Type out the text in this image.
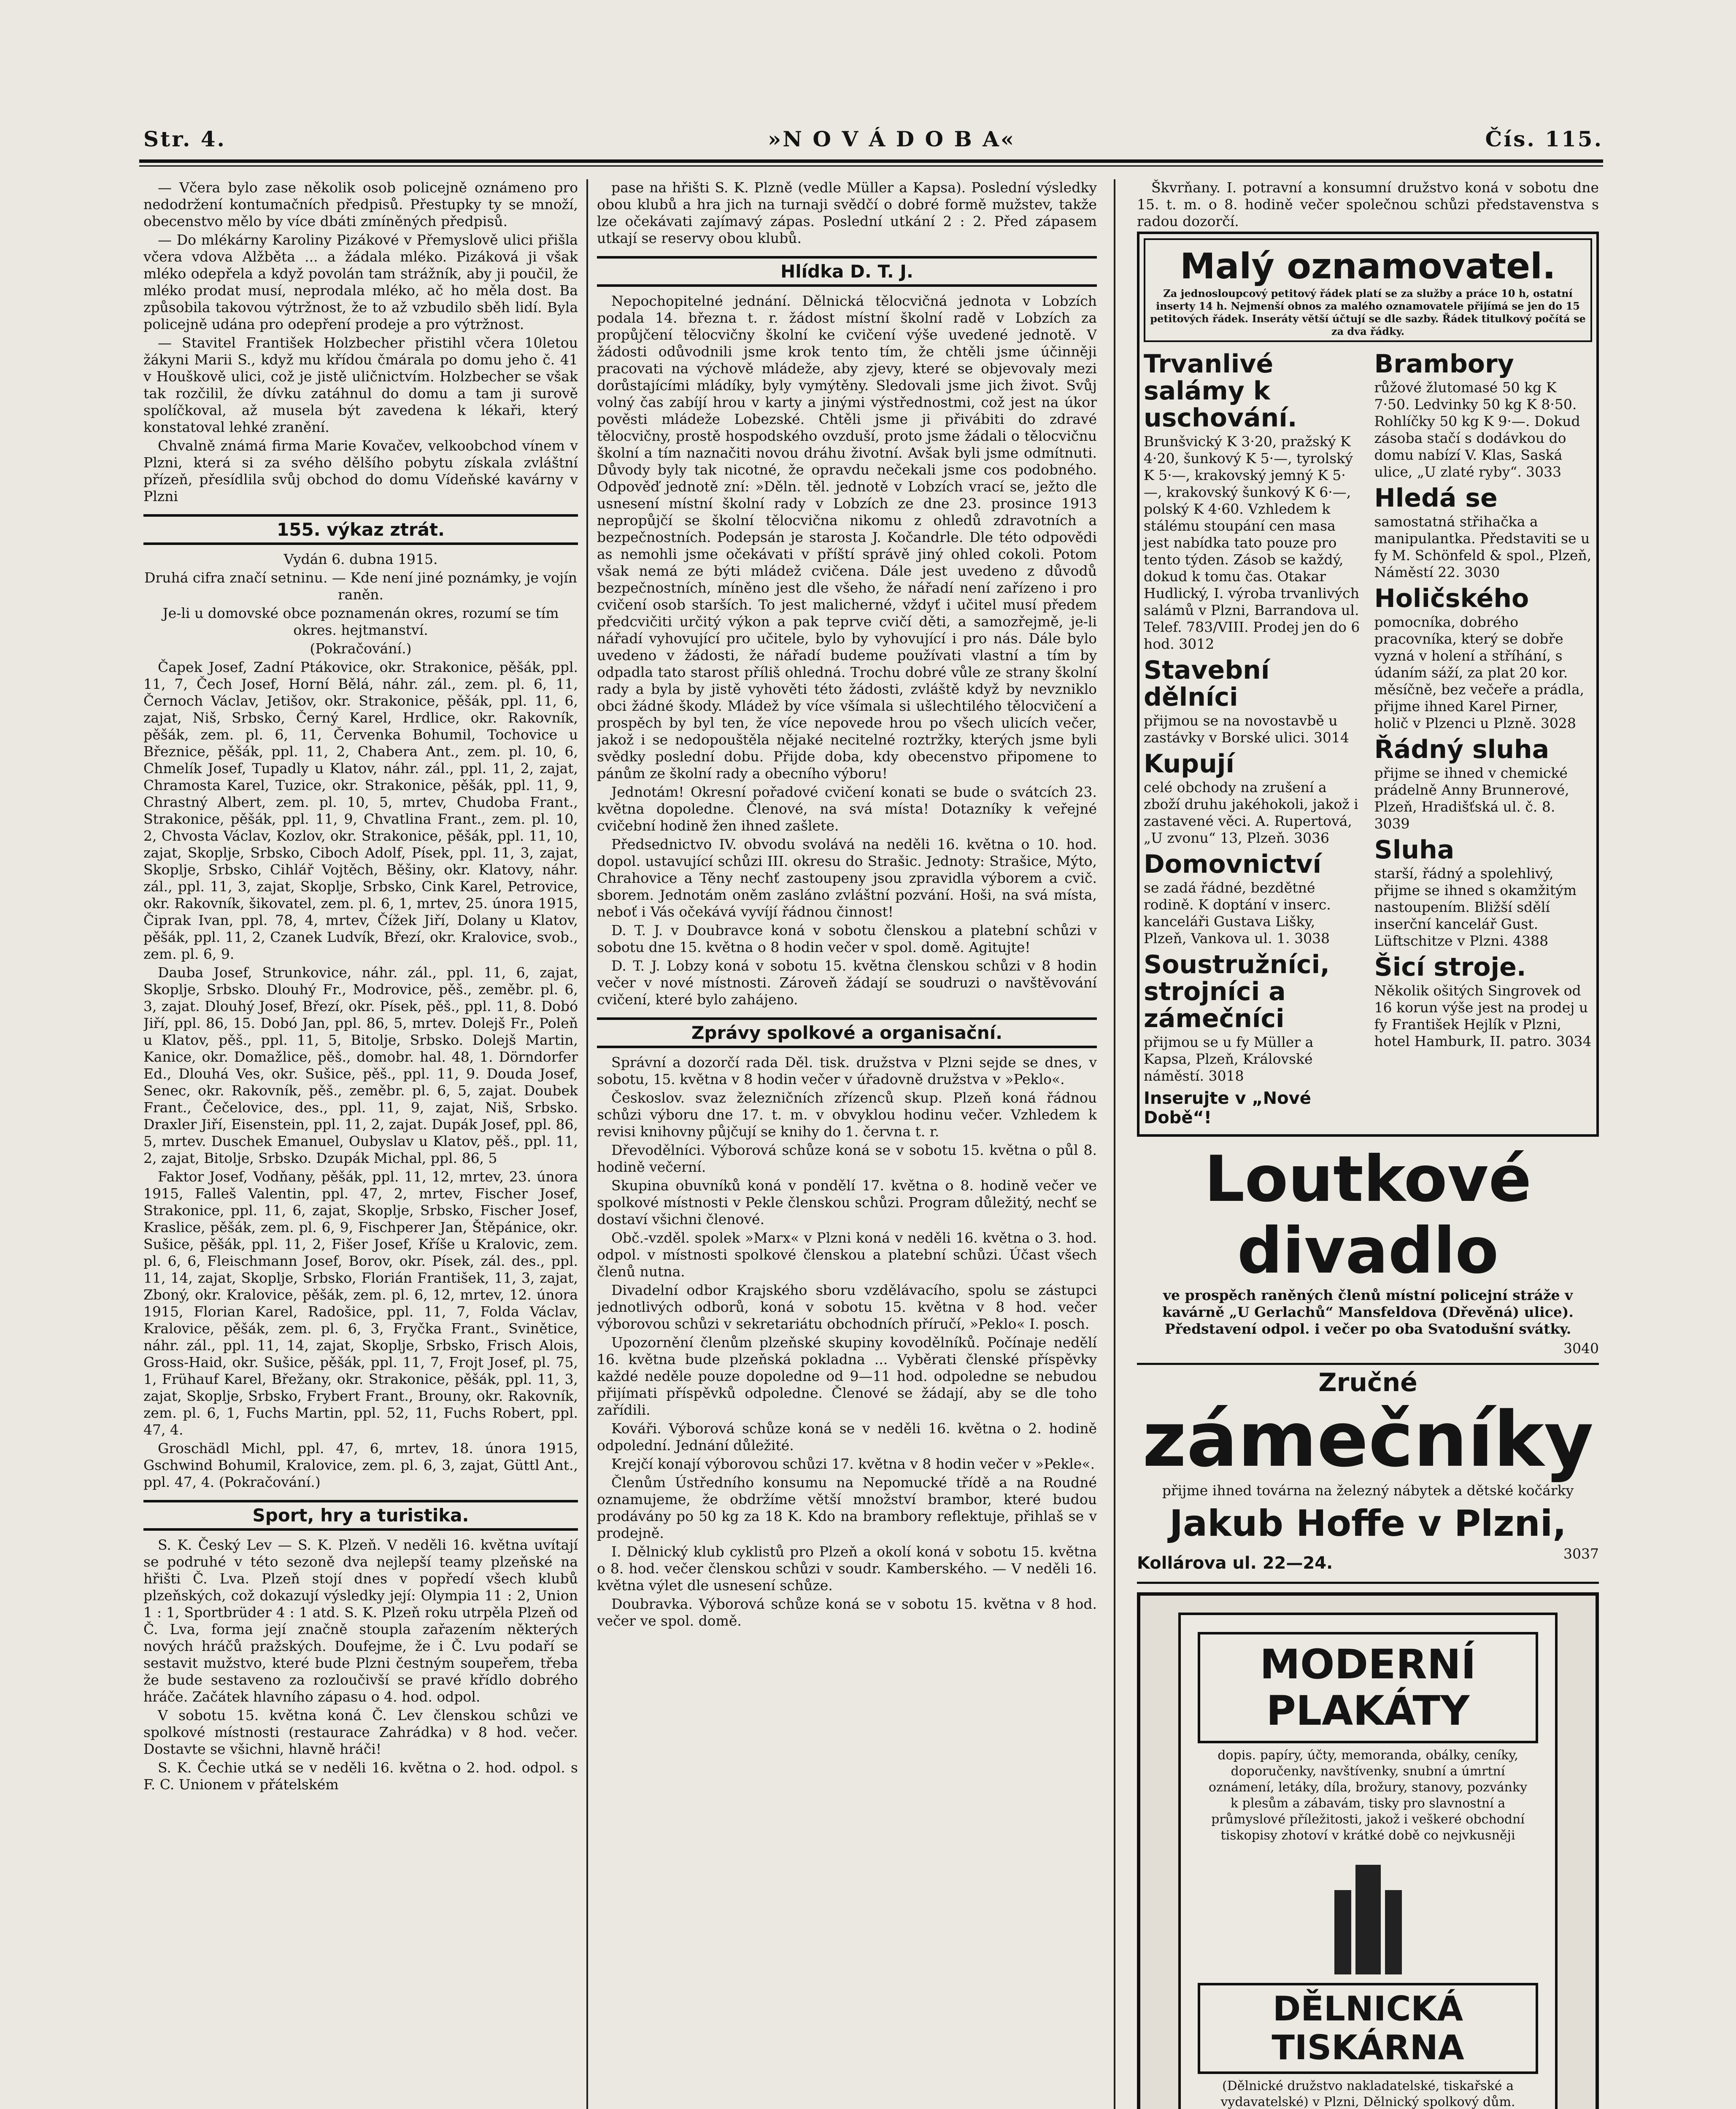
Str. 4.	»N O V Á D O B A«	Čís. 115.

— Včera bylo zase několik osob policejně oznámeno pro nedodržení kontumačních předpisů. Přestupky ty se množí, obecenstvo mělo by více dbáti zmíněných předpisů.

— Do mlékárny Karoliny Pizákové v Přemyslově ulici přišla včera vdova Alžběta ... a žádala mléko. Pizáková ji však mléko odepřela a když povolán tam strážník, aby ji poučil, že mléko prodat musí, neprodala mléko, ač ho měla dost. Ba způsobila takovou výtržnost, že to až vzbudilo sběh lidí. Byla policejně udána pro odepření prodeje a pro výtržnost.

— Stavitel František Holzbecher přistihl včera 10letou žákyni Marii S., když mu křídou čmárala po domu jeho č. 41 v Houškově ulici, což je jistě uličnictvím. Holzbecher se však tak rozčilil, že dívku zatáhnul do domu a tam ji surově spolíčkoval, až musela být zavedena k lékaři, který konstatoval lehké zranění.

Chvalně známá firma Marie Kovačev, velkoobchod vínem v Plzni, která si za svého dělšího pobytu získala zvláštní přízeň, přesídlila svůj obchod do domu Vídeňské kavárny v Plzni

155. výkaz ztrát.

Vydán 6. dubna 1915.

Druhá cifra značí setninu. — Kde není jiné poznámky, je vojín raněn.

Je-li u domovské obce poznamenán okres, rozumí se tím okres. hejtmanství.

(Pokračování.)

Čapek Josef, Zadní Ptákovice, okr. Strakonice, pěšák, ppl. 11, 7, Čech Josef, Horní Bělá, náhr. zál., zem. pl. 6, 11, Černoch Václav, Jetišov, okr. Strakonice, pěšák, ppl. 11, 6, zajat, Niš, Srbsko, Černý Karel, Hrdlice, okr. Rakovník, pěšák, zem. pl. 6, 11, Červenka Bohumil, Tochovice u Březnice, pěšák, ppl. 11, 2, Chabera Ant., zem. pl. 10, 6, Chmelík Josef, Tupadly u Klatov, náhr. zál., ppl. 11, 2, zajat, Chramosta Karel, Tuzice, okr. Strakonice, pěšák, ppl. 11, 9, Chrastný Albert, zem. pl. 10, 5, mrtev, Chudoba Frant., Strakonice, pěšák, ppl. 11, 9, Chvatlina Frant., zem. pl. 10, 2, Chvosta Václav, Kozlov, okr. Strakonice, pěšák, ppl. 11, 10, zajat, Skoplje, Srbsko, Ciboch Adolf, Písek, ppl. 11, 3, zajat, Skoplje, Srbsko, Cihlář Vojtěch, Běšiny, okr. Klatovy, náhr. zál., ppl. 11, 3, zajat, Skoplje, Srbsko, Cink Karel, Petrovice, okr. Rakovník, šikovatel, zem. pl. 6, 1, mrtev, 25. února 1915, Čiprak Ivan, ppl. 78, 4, mrtev, Čížek Jiří, Dolany u Klatov, pěšák, ppl. 11, 2, Czanek Ludvík, Březí, okr. Kralovice, svob., zem. pl. 6, 9.

Dauba Josef, Strunkovice, náhr. zál., ppl. 11, 6, zajat, Skoplje, Srbsko. Dlouhý Fr., Modrovice, pěš., zeměbr. pl. 6, 3, zajat. Dlouhý Josef, Březí, okr. Písek, pěš., ppl. 11, 8. Dobó Jiří, ppl. 86, 15. Dobó Jan, ppl. 86, 5, mrtev. Dolejš Fr., Poleň u Klatov, pěš., ppl. 11, 5, Bitolje, Srbsko. Dolejš Martin, Kanice, okr. Domažlice, pěš., domobr. hal. 48, 1. Dörndorfer Ed., Dlouhá Ves, okr. Sušice, pěš., ppl. 11, 9. Douda Josef, Senec, okr. Rakovník, pěš., zeměbr. pl. 6, 5, zajat. Doubek Frant., Čečelovice, des., ppl. 11, 9, zajat, Niš, Srbsko. Draxler Jiří, Eisenstein, ppl. 11, 2, zajat. Dupák Josef, ppl. 86, 5, mrtev. Duschek Emanuel, Oubyslav u Klatov, pěš., ppl. 11, 2, zajat, Bitolje, Srbsko. Dzupák Michal, ppl. 86, 5

Faktor Josef, Vodňany, pěšák, ppl. 11, 12, mrtev, 23. února 1915, Falleš Valentin, ppl. 47, 2, mrtev, Fischer Josef, Strakonice, ppl. 11, 6, zajat, Skoplje, Srbsko, Fischer Josef, Kraslice, pěšák, zem. pl. 6, 9, Fischperer Jan, Štěpánice, okr. Sušice, pěšák, ppl. 11, 2, Fišer Josef, Kříše u Kralovic, zem. pl. 6, 6, Fleischmann Josef, Borov, okr. Písek, zál. des., ppl. 11, 14, zajat, Skoplje, Srbsko, Florián František, 11, 3, zajat, Zboný, okr. Kralovice, pěšák, zem. pl. 6, 12, mrtev, 12. února 1915, Florian Karel, Radošice, ppl. 11, 7, Folda Václav, Kralovice, pěšák, zem. pl. 6, 3, Fryčka Frant., Svinětice, náhr. zál., ppl. 11, 14, zajat, Skoplje, Srbsko, Frisch Alois, Gross-Haid, okr. Sušice, pěšák, ppl. 11, 7, Frojt Josef, pl. 75, 1, Frühauf Karel, Břežany, okr. Strakonice, pěšák, ppl. 11, 3, zajat, Skoplje, Srbsko, Frybert Frant., Brouny, okr. Rakovník, zem. pl. 6, 1, Fuchs Martin, ppl. 52, 11, Fuchs Robert, ppl. 47, 4.

Groschädl Michl, ppl. 47, 6, mrtev, 18. února 1915, Gschwind Bohumil, Kralovice, zem. pl. 6, 3, zajat, Güttl Ant., ppl. 47, 4. (Pokračování.)

Sport, hry a turistika.

S. K. Český Lev — S. K. Plzeň. V neděli 16. května uvítají se podruhé v této sezoně dva nejlepší teamy plzeňské na hřišti Č. Lva. Plzeň stojí dnes v popředí všech klubů plzeňských, což dokazují výsledky její: Olympia 11 : 2, Union 1 : 1, Sportbrüder 4 : 1 atd. S. K. Plzeň roku utrpěla Plzeň od Č. Lva, forma její značně stoupla zařazením některých nových hráčů pražských. Doufejme, že i Č. Lvu podaří se sestavit mužstvo, které bude Plzni čestným soupeřem, třeba že bude sestaveno za rozloučivší se pravé křídlo dobrého hráče. Začátek hlavního zápasu o 4. hod. odpol.

V sobotu 15. května koná Č. Lev členskou schůzi ve spolkové místnosti (restaurace Zahrádka) v 8 hod. večer. Dostavte se všichni, hlavně hráči!

S. K. Čechie utká se v neděli 16. května o 2. hod. odpol. s F. C. Unionem v přátelském

pase na hřišti S. K. Plzně (vedle Müller a Kapsa). Poslední výsledky obou klubů a hra jich na turnaji svědčí o dobré formě mužstev, takže lze očekávati zajímavý zápas. Poslední utkání 2 : 2. Před zápasem utkají se reservy obou klubů.

Hlídka D. T. J.

Nepochopitelné jednání. Dělnická tělocvičná jednota v Lobzích podala 14. března t. r. žádost místní školní radě v Lobzích za propůjčení tělocvičny školní ke cvičení výše uvedené jednotě. V žádosti odůvodnili jsme krok tento tím, že chtěli jsme účinněji pracovati na výchově mládeže, aby zjevy, které se objevovaly mezi dorůstajícími mládíky, byly vymýtěny. Sledovali jsme jich život. Svůj volný čas zabíjí hrou v karty a jinými výstřednostmi, což jest na úkor pověsti mládeže Lobezské. Chtěli jsme ji přivábiti do zdravé tělocvičny, prostě hospodského ovzduší, proto jsme žádali o tělocvičnu školní a tím naznačiti novou dráhu životní. Avšak byli jsme odmítnuti. Důvody byly tak nicotné, že opravdu nečekali jsme cos podobného. Odpověď jednotě zní: »Děln. těl. jednotě v Lobzích vrací se, ježto dle usnesení místní školní rady v Lobzích ze dne 23. prosince 1913 nepropůjčí se školní tělocvična nikomu z ohledů zdravotních a bezpečnostních. Podepsán je starosta J. Kočandrle. Dle této odpovědi as nemohli jsme očekávati v příští správě jiný ohled cokoli. Potom však nemá ze býti mládež cvičena. Dále jest uvedeno z důvodů bezpečnostních, míněno jest dle všeho, že nářadí není zařízeno i pro cvičení osob starších. To jest malicherné, vždyť i učitel musí předem předcvičiti určitý výkon a pak teprve cvičí děti, a samozřejmě, je-li nářadí vyhovující pro učitele, bylo by vyhovující i pro nás. Dále bylo uvedeno v žádosti, že nářadí budeme používati vlastní a tím by odpadla tato starost příliš ohledná. Trochu dobré vůle ze strany školní rady a byla by jistě vyhověti této žádosti, zvláště když by nevzniklo obci žádné škody. Mládež by více všímala si ušlechtilého tělocvičení a prospěch by byl ten, že více nepovede hrou po všech ulicích večer, jakož i se nedopouštěla nějaké necitelné roztržky, kterých jsme byli svědky poslední dobu. Přijde doba, kdy obecenstvo připomene to pánům ze školní rady a obecního výboru!

Jednotám! Okresní pořadové cvičení konati se bude o svátcích 23. května dopoledne. Členové, na svá místa! Dotazníky k veřejné cvičební hodině žen ihned zašlete.

Předsednictvo IV. obvodu svolává na neděli 16. května o 10. hod. dopol. ustavující schůzi III. okresu do Strašic. Jednoty: Strašice, Mýto, Chrahovice a Těny nechť zastoupeny jsou zpravidla výborem a cvič. sborem. Jednotám oněm zasláno zvláštní pozvání. Hoši, na svá místa, neboť i Vás očekává vyvíjí řádnou činnost!

D. T. J. v Doubravce koná v sobotu členskou a platební schůzi v sobotu dne 15. května o 8 hodin večer v spol. domě. Agitujte!

D. T. J. Lobzy koná v sobotu 15. května členskou schůzi v 8 hodin večer v nové místnosti. Zároveň žádají se soudruzi o navštěvování cvičení, které bylo zahájeno.

Zprávy spolkové a organisační.

Správní a dozorčí rada Děl. tisk. družstva v Plzni sejde se dnes, v sobotu, 15. května v 8 hodin večer v úřadovně družstva v »Peklo«.

Českoslov. svaz železničních zřízenců skup. Plzeň koná řádnou schůzi výboru dne 17. t. m. v obvyklou hodinu večer. Vzhledem k revisi knihovny půjčují se knihy do 1. června t. r.

Dřevodělníci. Výborová schůze koná se v sobotu 15. května o půl 8. hodině večerní.

Skupina obuvníků koná v pondělí 17. května o 8. hodině večer ve spolkové místnosti v Pekle členskou schůzi. Program důležitý, nechť se dostaví všichni členové.

Obč.-vzděl. spolek »Marx« v Plzni koná v neděli 16. května o 3. hod. odpol. v místnosti spolkové členskou a platební schůzi. Účast všech členů nutna.

Divadelní odbor Krajského sboru vzdělávacího, spolu se zástupci jednotlivých odborů, koná v sobotu 15. května v 8 hod. večer výborovou schůzi v sekretariátu obchodních příručí, »Peklo« I. posch.

Upozornění členům plzeňské skupiny kovodělníků. Počínaje nedělí 16. května bude plzeňská pokladna ... Vyběrati členské příspěvky každé neděle pouze dopoledne od 9—11 hod. odpoledne se nebudou přijímati příspěvků odpoledne. Členové se žádají, aby se dle toho zařídili.

Kováři. Výborová schůze koná se v neděli 16. května o 2. hodině odpolední. Jednání důležité.

Krejčí konají výborovou schůzi 17. května v 8 hodin večer v »Pekle«.

Členům Ústředního konsumu na Nepomucké třídě a na Roudné oznamujeme, že obdržíme větší množství brambor, které budou prodávány po 50 kg za 18 K. Kdo na brambory reflektuje, přihlaš se v prodejně.

I. Dělnický klub cyklistů pro Plzeň a okolí koná v sobotu 15. května o 8. hod. večer členskou schůzi v soudr. Kamberského. — V neděli 16. května výlet dle usnesení schůze.

Doubravka. Výborová schůze koná se v sobotu 15. května v 8 hod. večer ve spol. domě.

Škvrňany. I. potravní a konsumní družstvo koná v sobotu dne 15. t. m. o 8. hodině večer společnou schůzi představenstva s radou dozorčí.

Malý oznamovatel.
Za jednosloupcový petitový řádek platí se za služby a práce 10 h, ostatní inserty 14 h. Nejmenší obnos za malého oznamovatele přijímá se jen do 15 petitových řádek. Inseráty větší účtují se dle sazby. Řádek titulkový počítá se za dva řádky.
Trvanlivé salámy k uschování.
Brunšvický K 3·20, pražský K 4·20, šunkový K 5·—, tyrolský K 5·—, krakovský jemný K 5·—, krakovský šunkový K 6·—, polský K 4·60. Vzhledem k stálému stoupání cen masa jest nabídka tato pouze pro tento týden. Zásob se každý, dokud k tomu čas. Otakar Hudlický, I. výroba trvanlivých salámů v Plzni, Barrandova ul. Telef. 783/VIII. Prodej jen do 6 hod. 3012
Stavební dělníci
přijmou se na novostavbě u zastávky v Borské ulici. 3014
Kupují
celé obchody na zrušení a zboží druhu jakéhokoli, jakož i zastavené věci. A. Rupertová, „U zvonu“ 13, Plzeň. 3036
Domovnictví
se zadá řádné, bezdětné rodině. K doptání v inserc. kanceláři Gustava Lišky, Plzeň, Vankova ul. 1. 3038
Soustružníci, strojníci a zámečníci
přijmou se u fy Müller a Kapsa, Plzeň, Královské náměstí. 3018
Inserujte v „Nové Době“!
Brambory
růžové žlutomasé 50 kg K 7·50. Ledvinky 50 kg K 8·50. Rohlíčky 50 kg K 9·—. Dokud zásoba stačí s dodávkou do domu nabízí V. Klas, Saská ulice, „U zlaté ryby“. 3033
Hledá se
samostatná střihačka a manipulantka. Představiti se u fy M. Schönfeld & spol., Plzeň, Náměstí 22. 3030
Holičského
pomocníka, dobrého pracovníka, který se dobře vyzná v holení a stříhání, s údaním sáží, za plat 20 kor. měsíčně, bez večeře a prádla, přijme ihned Karel Pirner, holič v Plzenci u Plzně. 3028
Řádný sluha
přijme se ihned v chemické prádelně Anny Brunnerové, Plzeň, Hradišťská ul. č. 8. 3039
Sluha
starší, řádný a spolehlivý, přijme se ihned s okamžitým nastoupením. Bližší sdělí inserční kancelář Gust. Lüftschitze v Plzni. 4388
Šicí stroje.
Několik ošitých Singrovek od 16 korun výše jest na prodej u fy František Hejlík v Plzni, hotel Hamburk, II. patro. 3034
Loutkové divadlo
ve prospěch raněných členů místní policejní stráže v kavárně „U Gerlachů“ Mansfeldova (Dřevěná) ulice). Představení odpol. i večer po oba Svatodušní svátky.
3040
Zručné
zámečníky
přijme ihned továrna na železný nábytek a dětské kočárky
Jakub Hoffe v Plzni,
Kollárova ul. 22—24.	3037
MODERNÍ PLAKÁTY
dopis. papíry, účty, memoranda, obálky, ceníky, doporučenky, navštívenky, snubní a úmrtní oznámení, letáky, díla, brožury, stanovy, pozvánky k plesům a zábavám, tisky pro slavnostní a průmyslové příležitosti, jakož i veškeré obchodní tiskopisy zhotoví v krátké době co nejvkusněji
DĚLNICKÁ TISKÁRNA
(Dělnické družstvo nakladatelské, tiskařské a vydavatelské) v Plzni, Dělnický spolkový dům.
